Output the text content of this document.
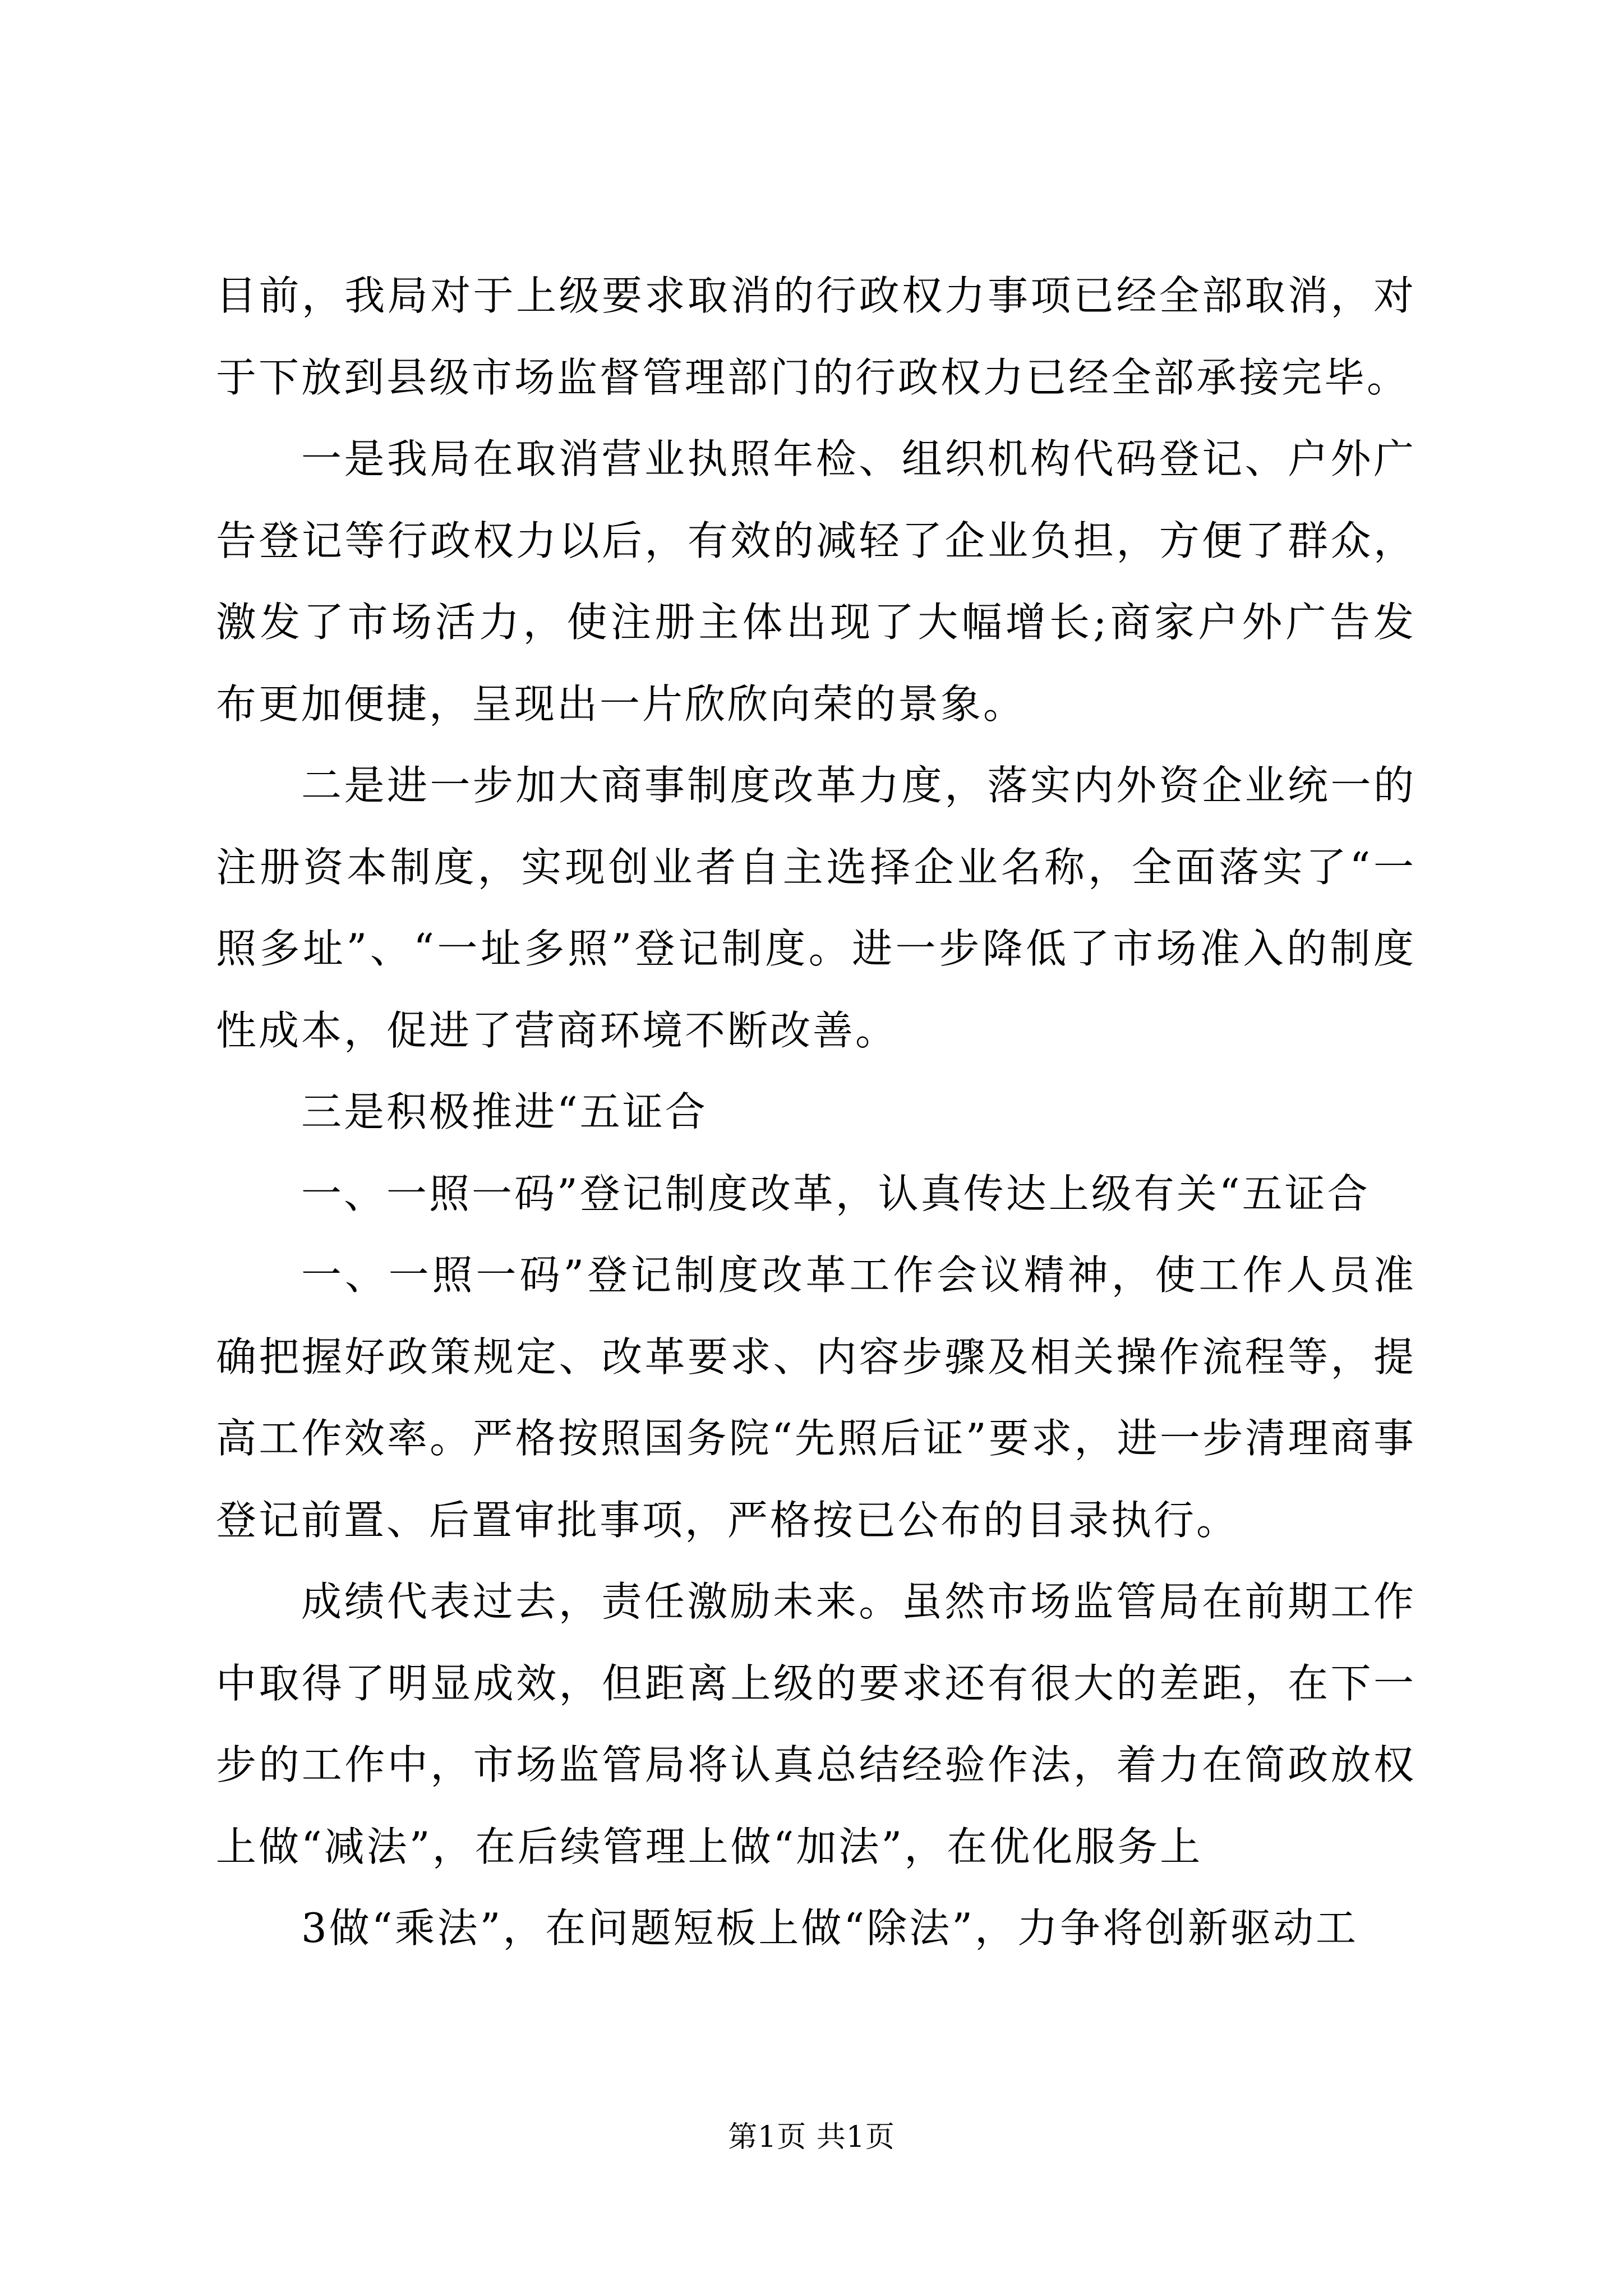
目前，我局对于上级要求取消的行政权力事项已经全部取消，对于下放到县级市场监督管理部门的行政权力已经全部承接完毕。

一是我局在取消营业执照年检、组织机构代码登记、户外广告登记等行政权力以后，有效的减轻了企业负担，方便了群众，激发了市场活力，使注册主体出现了大幅增长;商家户外广告发布更加便捷，呈现出一片欣欣向荣的景象。

二是进一步加大商事制度改革力度，落实内外资企业统一的注册资本制度，实现创业者自主选择企业名称，全面落实了“一照多址”、“一址多照”登记制度。进一步降低了市场准入的制度性成本，促进了营商环境不断改善。

三是积极推进“五证合

一、一照一码”登记制度改革，认真传达上级有关“五证合

一、一照一码”登记制度改革工作会议精神，使工作人员准确把握好政策规定、改革要求、内容步骤及相关操作流程等，提高工作效率。严格按照国务院“先照后证”要求，进一步清理商事登记前置、后置审批事项，严格按已公布的目录执行。

成绩代表过去，责任激励未来。虽然市场监管局在前期工作中取得了明显成效，但距离上级的要求还有很大的差距，在下一步的工作中，市场监管局将认真总结经验作法，着力在简政放权上做“减法”，在后续管理上做“加法”，在优化服务上

3做“乘法”，在问题短板上做“除法”，力争将创新驱动工

第1页 共1页
